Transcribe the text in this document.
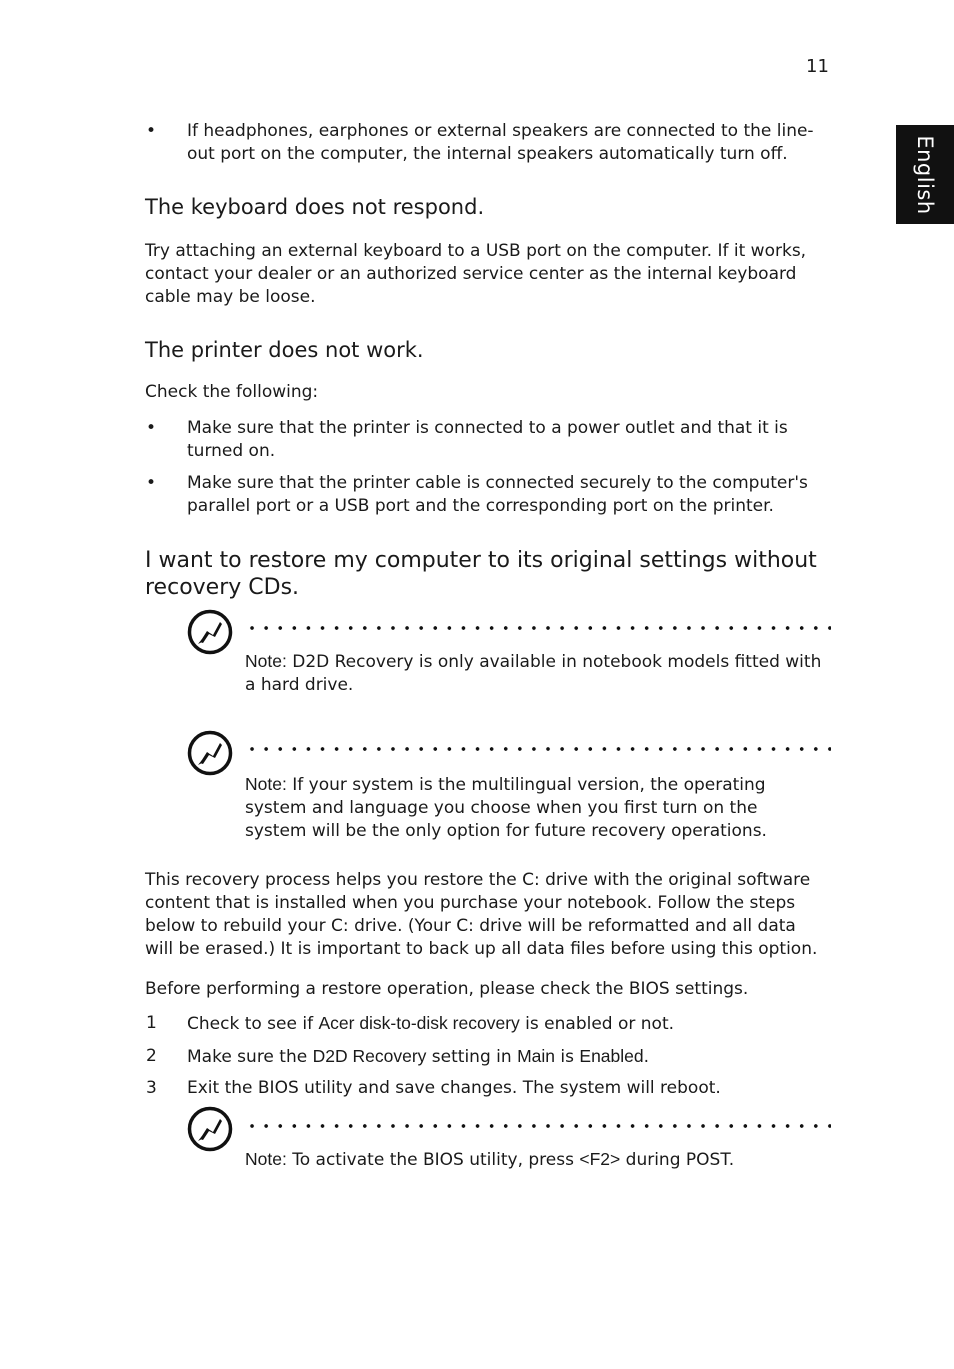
11
English
• If headphones, earphones or external speakers are connected to the line-out port on the computer, the internal speakers automatically turn off.
The keyboard does not respond.
Try attaching an external keyboard to a USB port on the computer. If it works, contact your dealer or an authorized service center as the internal keyboard cable may be loose.
The printer does not work.
Check the following:
• Make sure that the printer is connected to a power outlet and that it is turned on.
• Make sure that the printer cable is connected securely to the computer's parallel port or a USB port and the corresponding port on the printer.
I want to restore my computer to its original settings without recovery CDs.
Note: D2D Recovery is only available in notebook models fitted with a hard drive.
Note: If your system is the multilingual version, the operating system and language you choose when you first turn on the system will be the only option for future recovery operations.
This recovery process helps you restore the C: drive with the original software content that is installed when you purchase your notebook. Follow the steps below to rebuild your C: drive. (Your C: drive will be reformatted and all data will be erased.) It is important to back up all data files before using this option.
Before performing a restore operation, please check the BIOS settings.
1 Check to see if Acer disk-to-disk recovery is enabled or not.
2 Make sure the D2D Recovery setting in Main is Enabled.
3 Exit the BIOS utility and save changes. The system will reboot.
Note: To activate the BIOS utility, press <F2> during POST.
